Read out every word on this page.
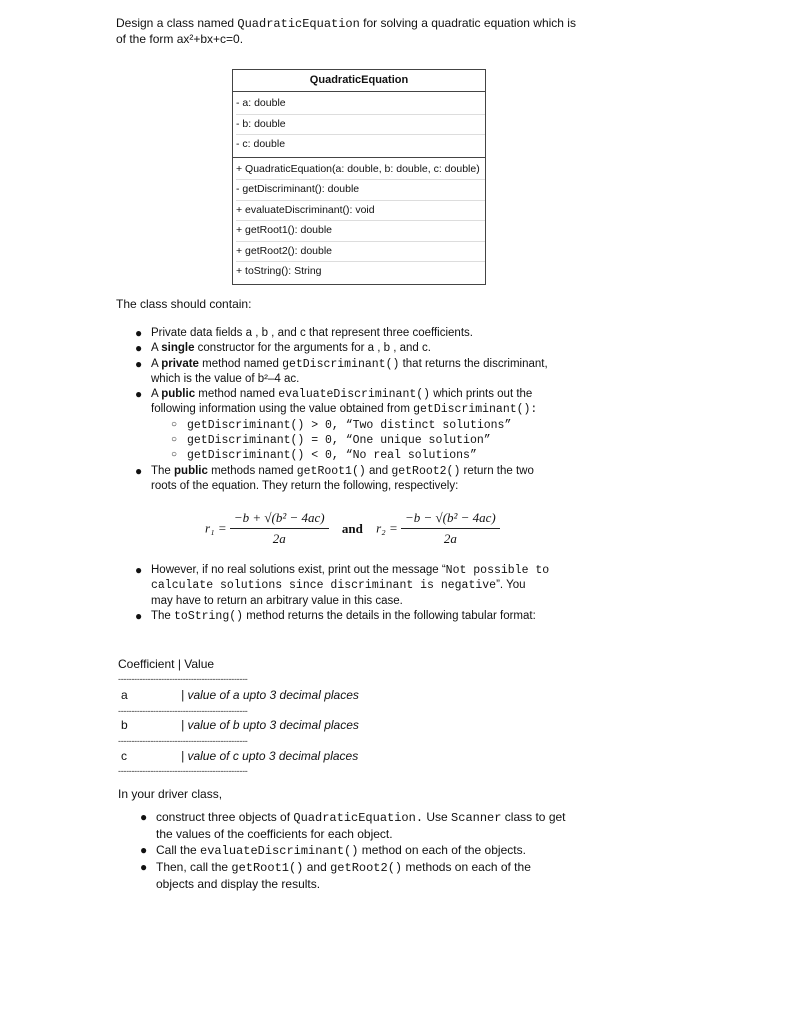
Design a class named QuadraticEquation for solving a quadratic equation which is
of the form ax²+bx+c=0.
QuadraticEquation
- a: double
- b: double
- c: double
+ QuadraticEquation(a: double, b: double, c: double)
- getDiscriminant(): double
+ evaluateDiscriminant(): void
+ getRoot1(): double
+ getRoot2(): double
+ toString(): String
The class should contain:
● Private data fields a , b , and c that represent three coefficients.
● A single constructor for the arguments for a , b , and c.
● A private method named getDiscriminant() that returns the discriminant,
which is the value of b²–4 ac.
● A public method named evaluateDiscriminant() which prints out the
following information using the value obtained from getDiscriminant():
○ getDiscriminant() > 0, “Two distinct solutions”
○ getDiscriminant() = 0, “One unique solution”
○ getDiscriminant() < 0, “No real solutions”
● The public methods named getRoot1() and getRoot2() return the two
roots of the equation. They return the following, respectively:
$r_1 = \frac{\text{−b + √(b² − 4ac)}}{2a}$ and $r_2 = \frac{\text{−b − √(b² − 4ac)}}{2a}$
● However, if no real solutions exist, print out the message “Not possible to
calculate solutions since discriminant is negative”. You
may have to return an arbitrary value in this case.
● The toString() method returns the details in the following tabular format:
Coefficient | Value
------------------------------------------------
a	| value of a upto 3 decimal places
------------------------------------------------
b	| value of b upto 3 decimal places
------------------------------------------------
c	| value of c upto 3 decimal places
------------------------------------------------
In your driver class,
● construct three objects of QuadraticEquation. Use Scanner class to get
the values of the coefficients for each object.
● Call the evaluateDiscriminant() method on each of the objects.
● Then, call the getRoot1() and getRoot2() methods on each of the
objects and display the results.
